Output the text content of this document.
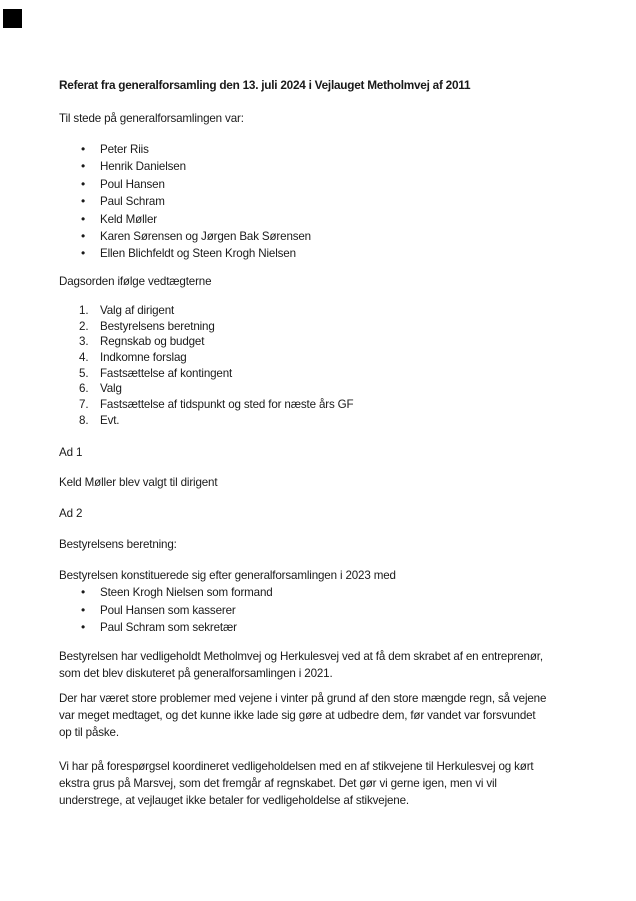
Referat fra generalforsamling den 13. juli 2024 i Vejlauget Metholmvej af 2011

Til stede på generalforsamlingen var:

• Peter Riis
• Henrik Danielsen
• Poul Hansen
• Paul Schram
• Keld Møller
• Karen Sørensen og Jørgen Bak Sørensen
• Ellen Blichfeldt og Steen Krogh Nielsen

Dagsorden ifølge vedtægterne

Valg af dirigent
Bestyrelsens beretning
Regnskab og budget
Indkomne forslag
Fastsættelse af kontingent
Valg
Fastsættelse af tidspunkt og sted for næste års GF
Evt.

Ad 1

Keld Møller blev valgt til dirigent

Ad 2

Bestyrelsens beretning:

Bestyrelsen konstituerede sig efter generalforsamlingen i 2023 med

• Steen Krogh Nielsen som formand
• Poul Hansen som kasserer
• Paul Schram som sekretær

Bestyrelsen har vedligeholdt Metholmvej og Herkulesvej ved at få dem skrabet af en entreprenør,

som det blev diskuteret på generalforsamlingen i 2021.

Der har været store problemer med vejene i vinter på grund af den store mængde regn, så vejene

var meget medtaget, og det kunne ikke lade sig gøre at udbedre dem, før vandet var forsvundet

op til påske.

Vi har på forespørgsel koordineret vedligeholdelsen med en af stikvejene til Herkulesvej og kørt

ekstra grus på Marsvej, som det fremgår af regnskabet. Det gør vi gerne igen, men vi vil

understrege, at vejlauget ikke betaler for vedligeholdelse af stikvejene.
